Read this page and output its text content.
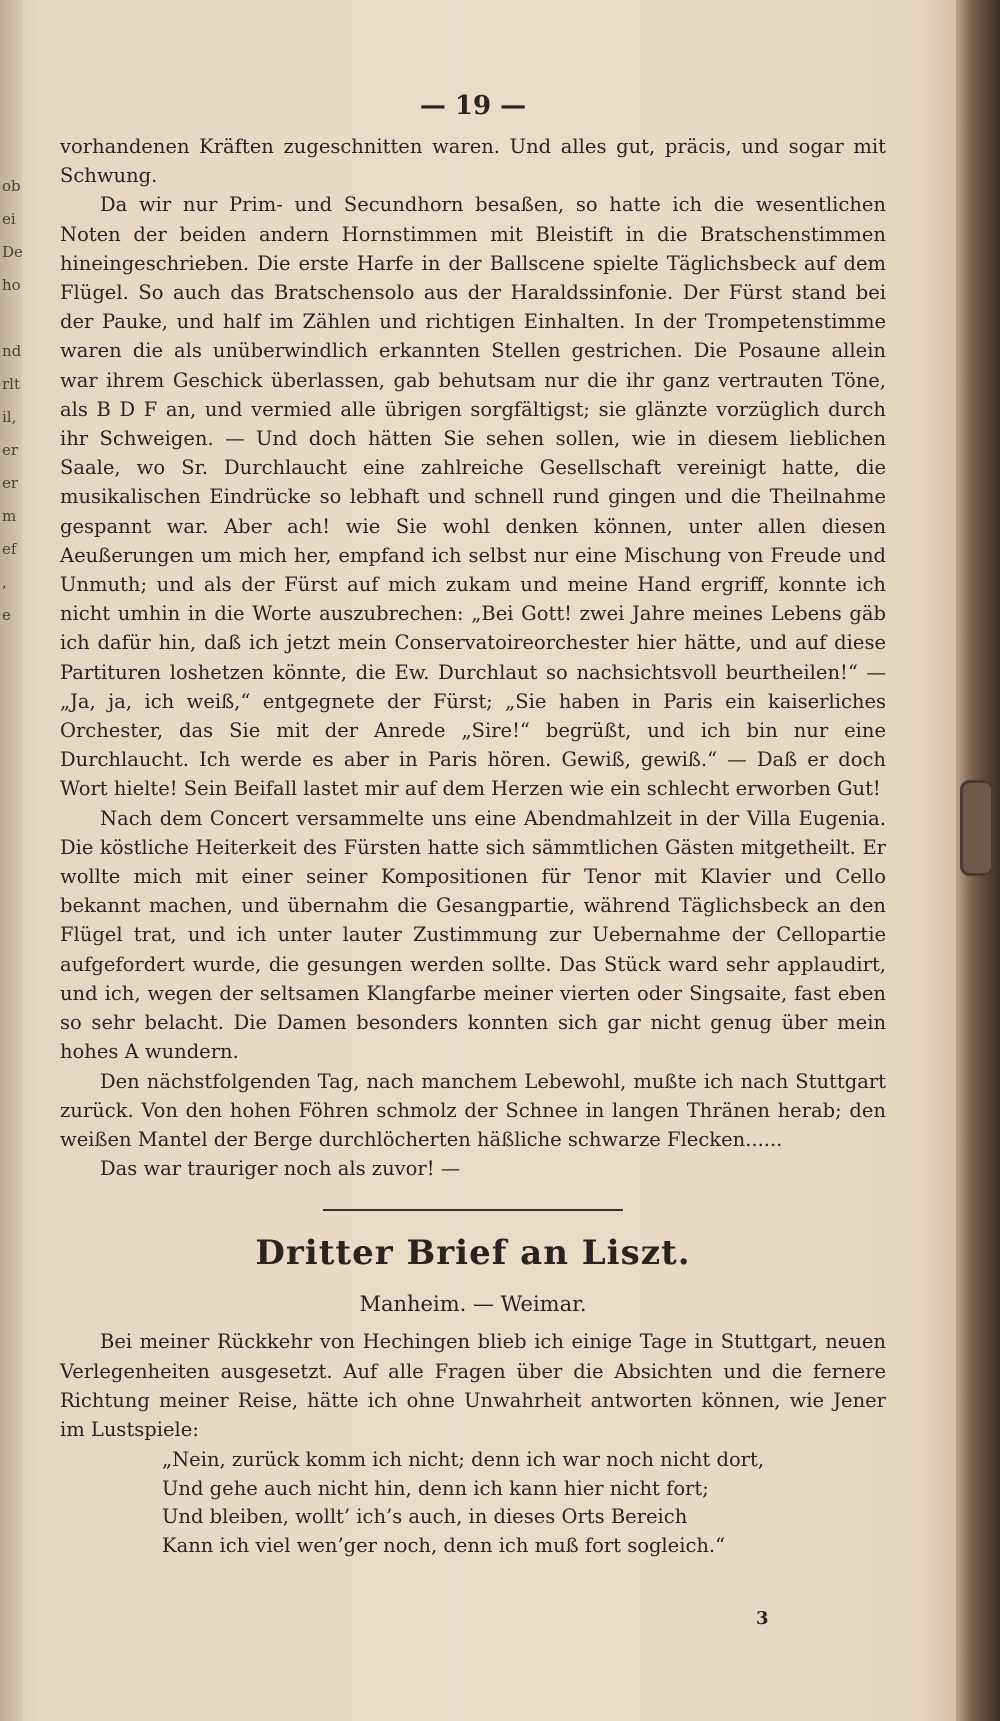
ob
ei
De
ho
nd
rlt
il,
er
er
m
ef
,
e
— 19 —

vorhandenen Kräften zugeschnitten waren. Und alles gut, präcis, und sogar mit Schwung.

Da wir nur Prim- und Secundhorn besaßen, so hatte ich die wesentlichen Noten der beiden andern Hornstimmen mit Bleistift in die Bratschenstimmen hineingeschrieben. Die erste Harfe in der Ballscene spielte Täglichsbeck auf dem Flügel. So auch das Bratschensolo aus der Haraldssinfonie. Der Fürst stand bei der Pauke, und half im Zählen und richtigen Einhalten. In der Trompetenstimme waren die als unüberwindlich erkannten Stellen gestrichen. Die Posaune allein war ihrem Geschick überlassen, gab behutsam nur die ihr ganz vertrauten Töne, als B D F an, und vermied alle übrigen sorgfältigst; sie glänzte vorzüglich durch ihr Schweigen. — Und doch hätten Sie sehen sollen, wie in diesem lieblichen Saale, wo Sr. Durchlaucht eine zahlreiche Gesellschaft vereinigt hatte, die musikalischen Eindrücke so lebhaft und schnell rund gingen und die Theilnahme gespannt war. Aber ach! wie Sie wohl denken können, unter allen diesen Aeußerungen um mich her, empfand ich selbst nur eine Mischung von Freude und Unmuth; und als der Fürst auf mich zukam und meine Hand ergriff, konnte ich nicht umhin in die Worte auszubrechen: „Bei Gott! zwei Jahre meines Lebens gäb ich dafür hin, daß ich jetzt mein Conservatoireorchester hier hätte, und auf diese Partituren loshetzen könnte, die Ew. Durchlaut so nachsichtsvoll beurtheilen!“ — „Ja, ja, ich weiß,“ entgegnete der Fürst; „Sie haben in Paris ein kaiserliches Orchester, das Sie mit der Anrede „Sire!“ begrüßt, und ich bin nur eine Durchlaucht. Ich werde es aber in Paris hören. Gewiß, gewiß.“ — Daß er doch Wort hielte! Sein Beifall lastet mir auf dem Herzen wie ein schlecht erworben Gut!

Nach dem Concert versammelte uns eine Abendmahlzeit in der Villa Eugenia. Die köstliche Heiterkeit des Fürsten hatte sich sämmtlichen Gästen mitgetheilt. Er wollte mich mit einer seiner Kompositionen für Tenor mit Klavier und Cello bekannt machen, und übernahm die Gesangpartie, während Täglichsbeck an den Flügel trat, und ich unter lauter Zustimmung zur Uebernahme der Cellopartie aufgefordert wurde, die gesungen werden sollte. Das Stück ward sehr applaudirt, und ich, wegen der seltsamen Klangfarbe meiner vierten oder Singsaite, fast eben so sehr belacht. Die Damen besonders konnten sich gar nicht genug über mein hohes A wundern.

Den nächstfolgenden Tag, nach manchem Lebewohl, mußte ich nach Stuttgart zurück. Von den hohen Föhren schmolz der Schnee in langen Thränen herab; den weißen Mantel der Berge durchlöcherten häßliche schwarze Flecken......

Das war trauriger noch als zuvor! —

Dritter Brief an Liszt.
Manheim. — Weimar.

Bei meiner Rückkehr von Hechingen blieb ich einige Tage in Stuttgart, neuen Verlegenheiten ausgesetzt. Auf alle Fragen über die Absichten und die fernere Richtung meiner Reise, hätte ich ohne Unwahrheit antworten können, wie Jener im Lustspiele:

„Nein, zurück komm ich nicht; denn ich war noch nicht dort,
Und gehe auch nicht hin, denn ich kann hier nicht fort;
Und bleiben, wollt’ ich’s auch, in dieses Orts Bereich
Kann ich viel wen’ger noch, denn ich muß fort sogleich.“
3
